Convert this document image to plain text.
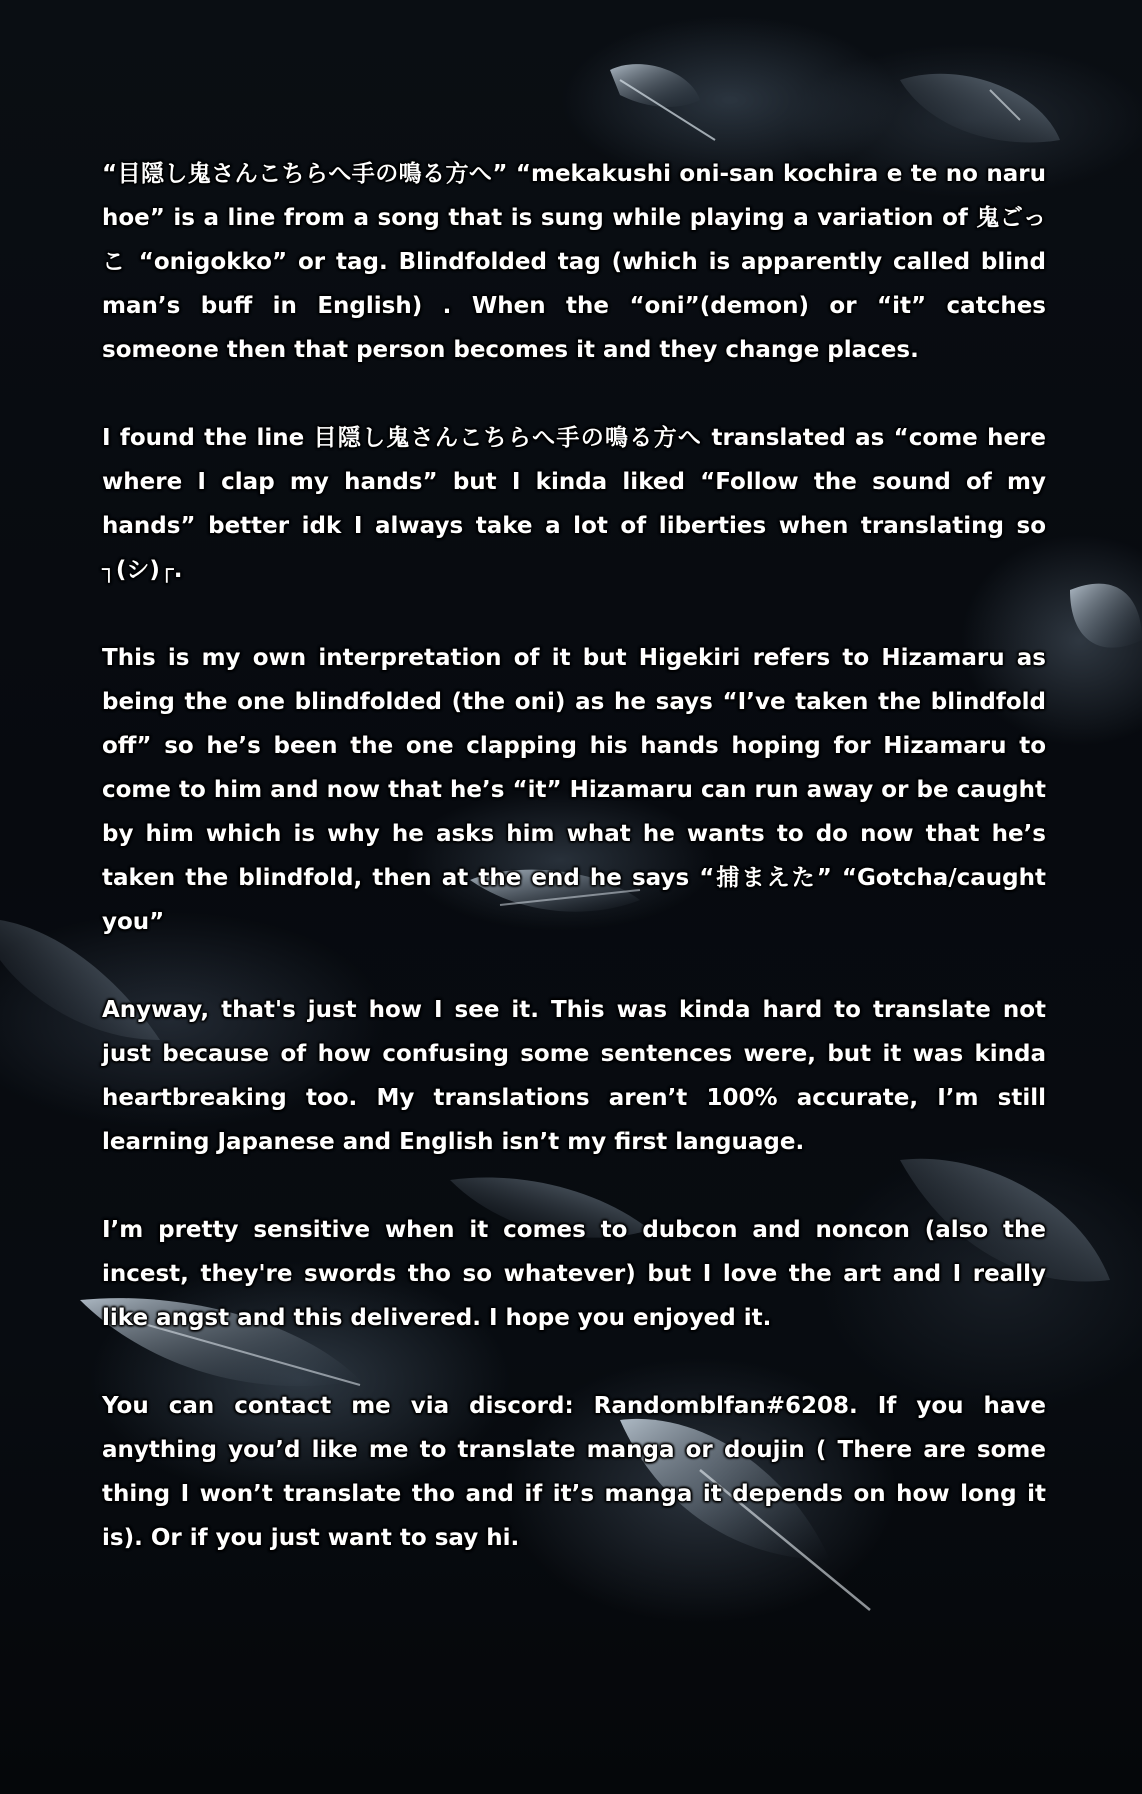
“目隠し鬼さんこちらへ手の鳴る方へ” “mekakushi oni-san kochira e te no naru hoe” is a line from a song that is sung while playing a variation of 鬼ごっこ “onigokko” or tag. Blindfolded tag (which is apparently called blind man’s buff in English) . When the “oni”(demon) or “it” catches someone then that person becomes it and they change places.

I found the line 目隠し鬼さんこちらへ手の鳴る方へ translated as “come here where I clap my hands” but I kinda liked “Follow the sound of my hands” better idk I always take a lot of liberties when translating so ┐(シ)┌.

This is my own interpretation of it but Higekiri refers to Hizamaru as being the one blindfolded (the oni) as he says “I’ve taken the blindfold off” so he’s been the one clapping his hands hoping for Hizamaru to come to him and now that he’s “it” Hizamaru can run away or be caught by him which is why he asks him what he wants to do now that he’s taken the blindfold, then at the end he says “捕まえた” “Gotcha/caught you”

Anyway, that's just how I see it. This was kinda hard to translate not just because of how confusing some sentences were, but it was kinda heartbreaking too. My translations aren’t 100% accurate, I’m still learning Japanese and English isn’t my first language.

I’m pretty sensitive when it comes to dubcon and noncon (also the incest, they're swords tho so whatever) but I love the art and I really like angst and this delivered. I hope you enjoyed it.

You can contact me via discord: Randomblfan#6208. If you have anything you’d like me to translate manga or doujin ( There are some thing I won’t translate tho and if it’s manga it depends on how long it is). Or if you just want to say hi.
